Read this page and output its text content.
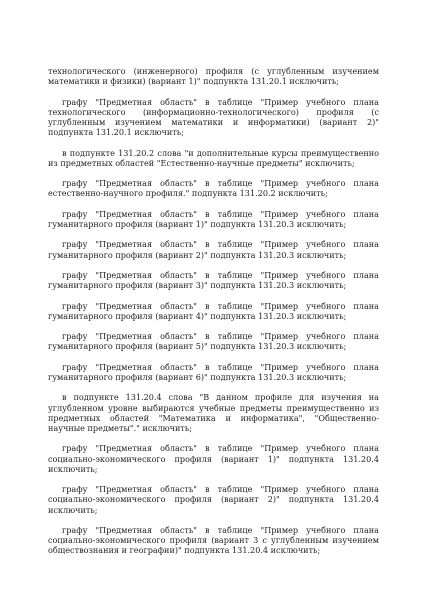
технологического (инженерного) профиля (с углубленным изучением математики и физики) (вариант 1)" подпункта 131.20.1 исключить;

графу "Предметная область" в таблице "Пример учебного плана технологического (информационно-технологического) профиля (с углубленным изучением математики и информатики) (вариант 2)" подпункта 131.20.1 исключить;

в подпункте 131.20.2 слова "и дополнительные курсы преимущественно из предметных областей "Естественно-научные предметы" исключить;

графу "Предметная область" в таблице "Пример учебного плана естественно-научного профиля." подпункта 131.20.2 исключить;

графу "Предметная область" в таблице "Пример учебного плана гуманитарного профиля (вариант 1)" подпункта 131.20.3 исключить;

графу "Предметная область" в таблице "Пример учебного плана гуманитарного профиля (вариант 2)" подпункта 131.20.3 исключить;

графу "Предметная область" в таблице "Пример учебного плана гуманитарного профиля (вариант 3)" подпункта 131.20.3 исключить;

графу "Предметная область" в таблице "Пример учебного плана гуманитарного профиля (вариант 4)" подпункта 131.20.3 исключить;

графу "Предметная область" в таблице "Пример учебного плана гуманитарного профиля (вариант 5)" подпункта 131.20.3 исключить;

графу "Предметная область" в таблице "Пример учебного плана гуманитарного профиля (вариант 6)" подпункта 131.20.3 исключить;

в подпункте 131.20.4 слова "В данном профиле для изучения на углубленном уровне выбираются учебные предметы преимущественно из предметных областей "Математика и информатика", "Общественно-научные предметы"." исключить;

графу "Предметная область" в таблице "Пример учебного плана социально-экономического профиля (вариант 1)" подпункта 131.20.4 исключить;

графу "Предметная область" в таблице "Пример учебного плана социально-экономического профиля (вариант 2)" подпункта 131.20.4 исключить;

графу "Предметная область" в таблице "Пример учебного плана социально-экономического профиля (вариант 3 с углубленным изучением обществознания и географии)" подпункта 131.20.4 исключить;
